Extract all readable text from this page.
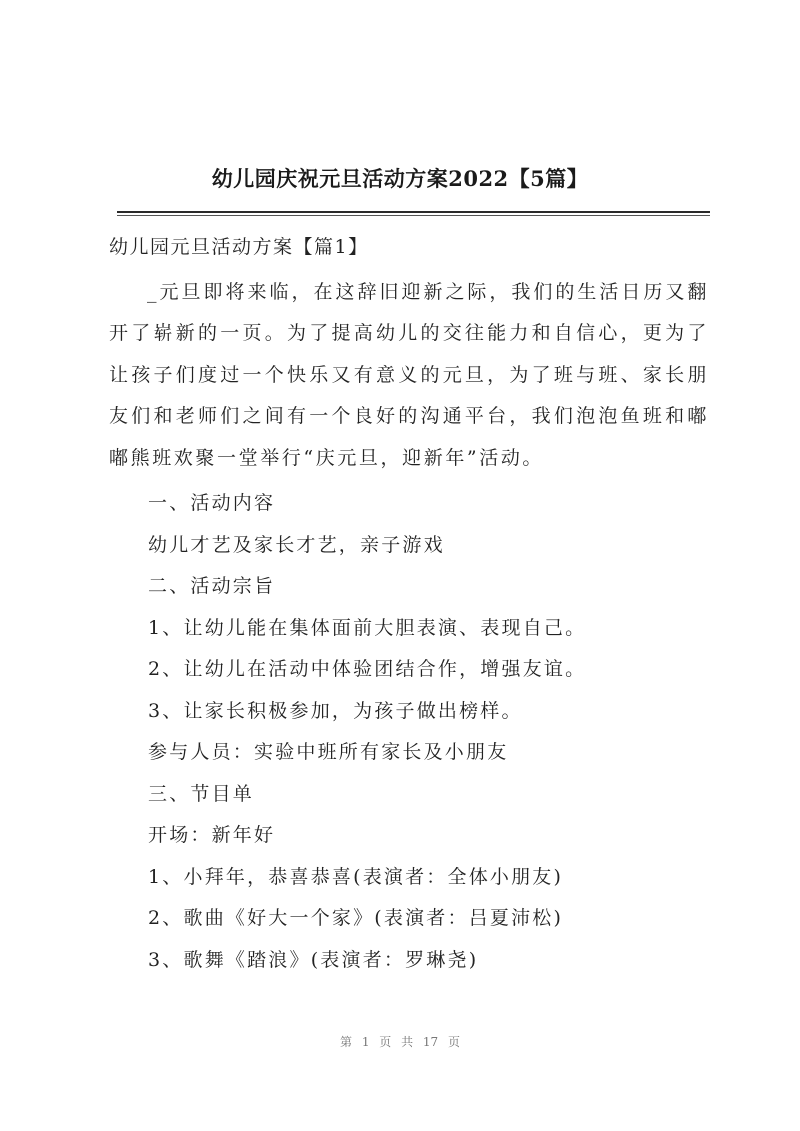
幼儿园庆祝元旦活动方案2022【5篇】
幼儿园元旦活动方案【篇1】

_元旦即将来临，在这辞旧迎新之际，我们的生活日历又翻开了崭新的一页。为了提高幼儿的交往能力和自信心，更为了让孩子们度过一个快乐又有意义的元旦，为了班与班、家长朋友们和老师们之间有一个良好的沟通平台，我们泡泡鱼班和嘟嘟熊班欢聚一堂举行“庆元旦，迎新年”活动。

一、活动内容
幼儿才艺及家长才艺，亲子游戏
二、活动宗旨
1、让幼儿能在集体面前大胆表演、表现自己。
2、让幼儿在活动中体验团结合作，增强友谊。
3、让家长积极参加，为孩子做出榜样。
参与人员：实验中班所有家长及小朋友
三、节目单
开场：新年好
1、小拜年，恭喜恭喜(表演者：全体小朋友)
2、歌曲《好大一个家》(表演者：吕夏沛松)
3、歌舞《踏浪》(表演者：罗琳尧)
第 1 页 共 17 页
